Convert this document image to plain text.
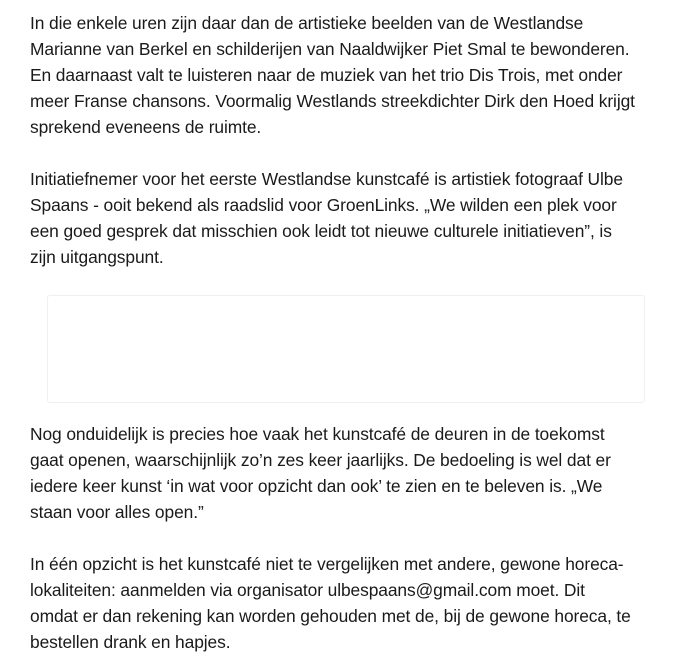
In die enkele uren zijn daar dan de artistieke beelden van de Westlandse
Marianne van Berkel en schilderijen van Naaldwijker Piet Smal te bewonderen.
En daarnaast valt te luisteren naar de muziek van het trio Dis Trois, met onder
meer Franse chansons. Voormalig Westlands streekdichter Dirk den Hoed krijgt
sprekend eveneens de ruimte.

Initiatiefnemer voor het eerste Westlandse kunstcafé is artistiek fotograaf Ulbe
Spaans - ooit bekend als raadslid voor GroenLinks. „We wilden een plek voor
een goed gesprek dat misschien ook leidt tot nieuwe culturele initiatieven”, is
zijn uitgangspunt.

Nog onduidelijk is precies hoe vaak het kunstcafé de deuren in de toekomst
gaat openen, waarschijnlijk zo’n zes keer jaarlijks. De bedoeling is wel dat er
iedere keer kunst ‘in wat voor opzicht dan ook’ te zien en te beleven is. „We
staan voor alles open.”

In één opzicht is het kunstcafé niet te vergelijken met andere, gewone horeca-
lokaliteiten: aanmelden via organisator ulbespaans@gmail.com moet. Dit
omdat er dan rekening kan worden gehouden met de, bij de gewone horeca, te
bestellen drank en hapjes.
